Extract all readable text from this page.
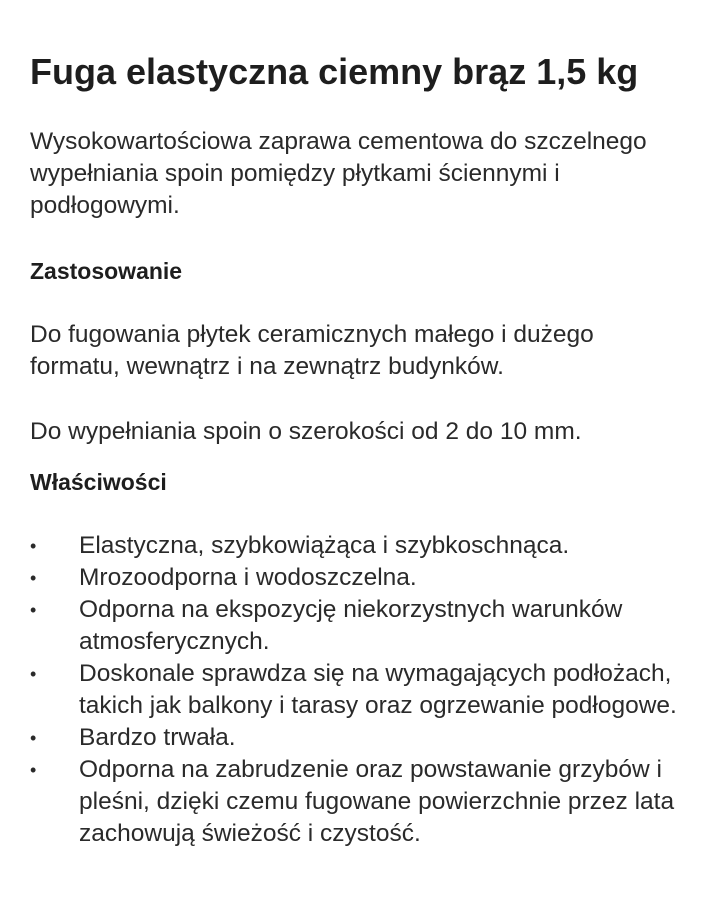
Fuga elastyczna ciemny brąz 1,5 kg

Wysokowartościowa zaprawa cementowa do szczelnego wypełniania spoin pomiędzy płytkami ściennymi i podłogowymi.

Zastosowanie

Do fugowania płytek ceramicznych małego i dużego formatu, wewnątrz i na zewnątrz budynków.

Do wypełniania spoin o szerokości od 2 do 10 mm.

Właściwości
• Elastyczna, szybkowiążąca i szybkoschnąca.
• Mrozoodporna i wodoszczelna.
• Odporna na ekspozycję niekorzystnych warunków atmosferycznych.
• Doskonale sprawdza się na wymagających podłożach, takich jak balkony i tarasy oraz ogrzewanie podłogowe.
• Bardzo trwała.
• Odporna na zabrudzenie oraz powstawanie grzybów i pleśni, dzięki czemu fugowane powierzchnie przez lata zachowują świeżość i czystość.
